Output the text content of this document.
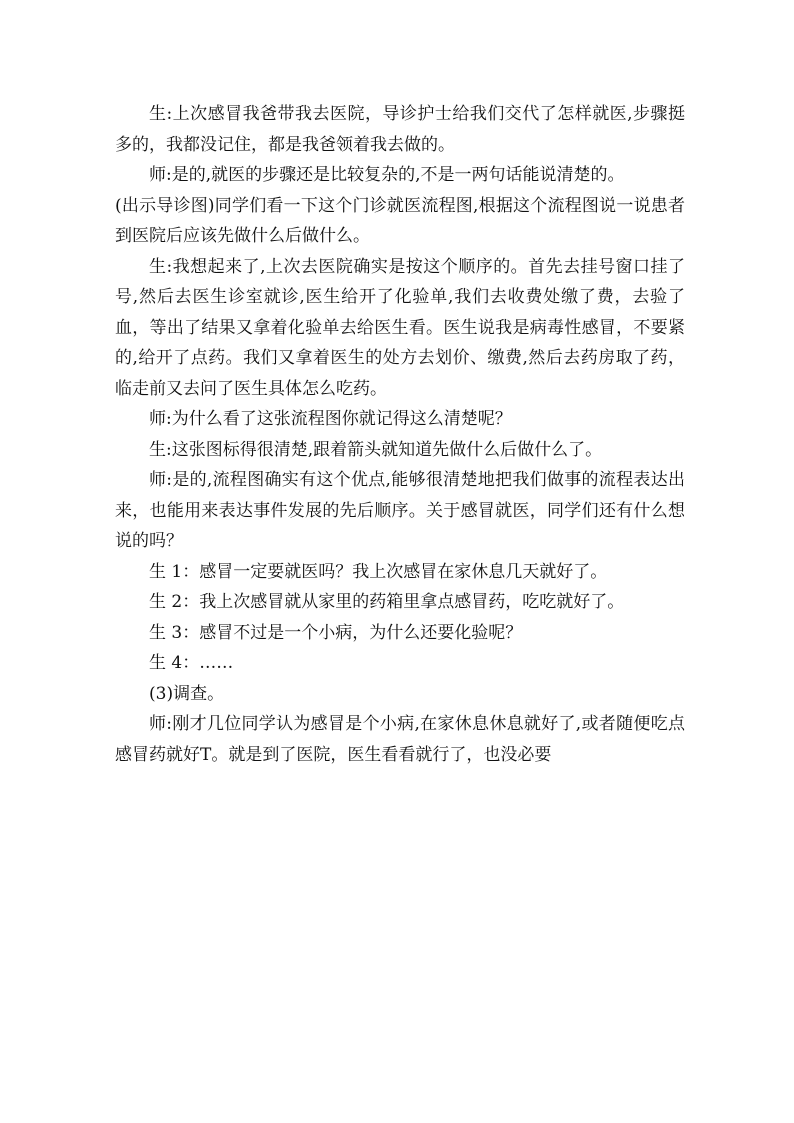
生:上次感冒我爸带我去医院，导诊护士给我们交代了怎样就医,步骤挺多的，我都没记住，都是我爸领着我去做的。

师:是的,就医的步骤还是比较复杂的,不是一两句话能说清楚的。

(出示导诊图)同学们看一下这个门诊就医流程图,根据这个流程图说一说患者到医院后应该先做什么后做什么。

生:我想起来了,上次去医院确实是按这个顺序的。首先去挂号窗口挂了号,然后去医生诊室就诊,医生给开了化验单,我们去收费处缴了费，去验了血，等出了结果又拿着化验单去给医生看。医生说我是病毒性感冒，不要紧的,给开了点药。我们又拿着医生的处方去划价、缴费,然后去药房取了药，临走前又去问了医生具体怎么吃药。

师:为什么看了这张流程图你就记得这么清楚呢？

生:这张图标得很清楚,跟着箭头就知道先做什么后做什么了。

师:是的,流程图确实有这个优点,能够很清楚地把我们做事的流程表达出来，也能用来表达事件发展的先后顺序。关于感冒就医，同学们还有什么想说的吗？

生 1：感冒一定要就医吗？我上次感冒在家休息几天就好了。

生 2：我上次感冒就从家里的药箱里拿点感冒药，吃吃就好了。

生 3：感冒不过是一个小病，为什么还要化验呢？

生 4：……

(3)调查。

师:刚才几位同学认为感冒是个小病,在家休息休息就好了,或者随便吃点感冒药就好T。就是到了医院，医生看看就行了，也没必要
